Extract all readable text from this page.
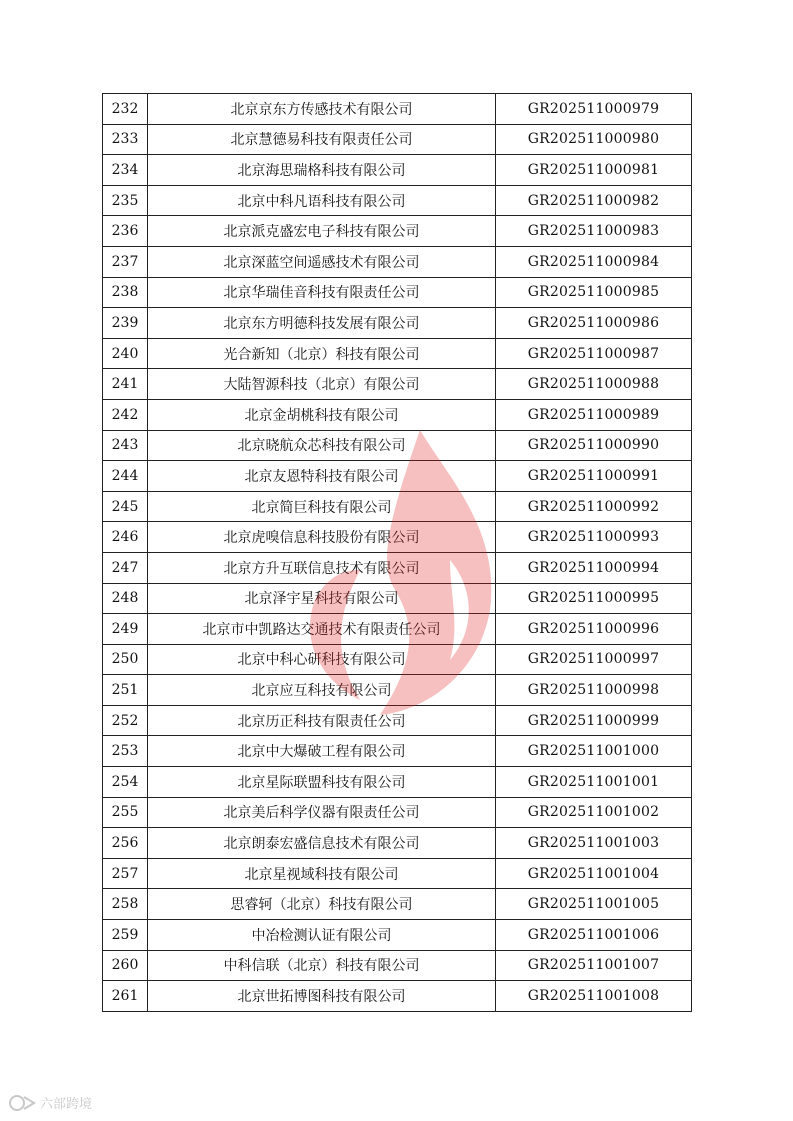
232	北京京东方传感技术有限公司	GR202511000979
233	北京慧德易科技有限责任公司	GR202511000980
234	北京海思瑞格科技有限公司	GR202511000981
235	北京中科凡语科技有限公司	GR202511000982
236	北京派克盛宏电子科技有限公司	GR202511000983
237	北京深蓝空间遥感技术有限公司	GR202511000984
238	北京华瑞佳音科技有限责任公司	GR202511000985
239	北京东方明德科技发展有限公司	GR202511000986
240	光合新知（北京）科技有限公司	GR202511000987
241	大陆智源科技（北京）有限公司	GR202511000988
242	北京金胡桃科技有限公司	GR202511000989
243	北京晓航众芯科技有限公司	GR202511000990
244	北京友恩特科技有限公司	GR202511000991
245	北京简巨科技有限公司	GR202511000992
246	北京虎嗅信息科技股份有限公司	GR202511000993
247	北京方升互联信息技术有限公司	GR202511000994
248	北京泽宇星科技有限公司	GR202511000995
249	北京市中凯路达交通技术有限责任公司	GR202511000996
250	北京中科心研科技有限公司	GR202511000997
251	北京应互科技有限公司	GR202511000998
252	北京历正科技有限责任公司	GR202511000999
253	北京中大爆破工程有限公司	GR202511001000
254	北京星际联盟科技有限公司	GR202511001001
255	北京美后科学仪器有限责任公司	GR202511001002
256	北京朗泰宏盛信息技术有限公司	GR202511001003
257	北京星视域科技有限公司	GR202511001004
258	思睿轲（北京）科技有限公司	GR202511001005
259	中冶检测认证有限公司	GR202511001006
260	中科信联（北京）科技有限公司	GR202511001007
261	北京世拓博图科技有限公司	GR202511001008
六部跨境
